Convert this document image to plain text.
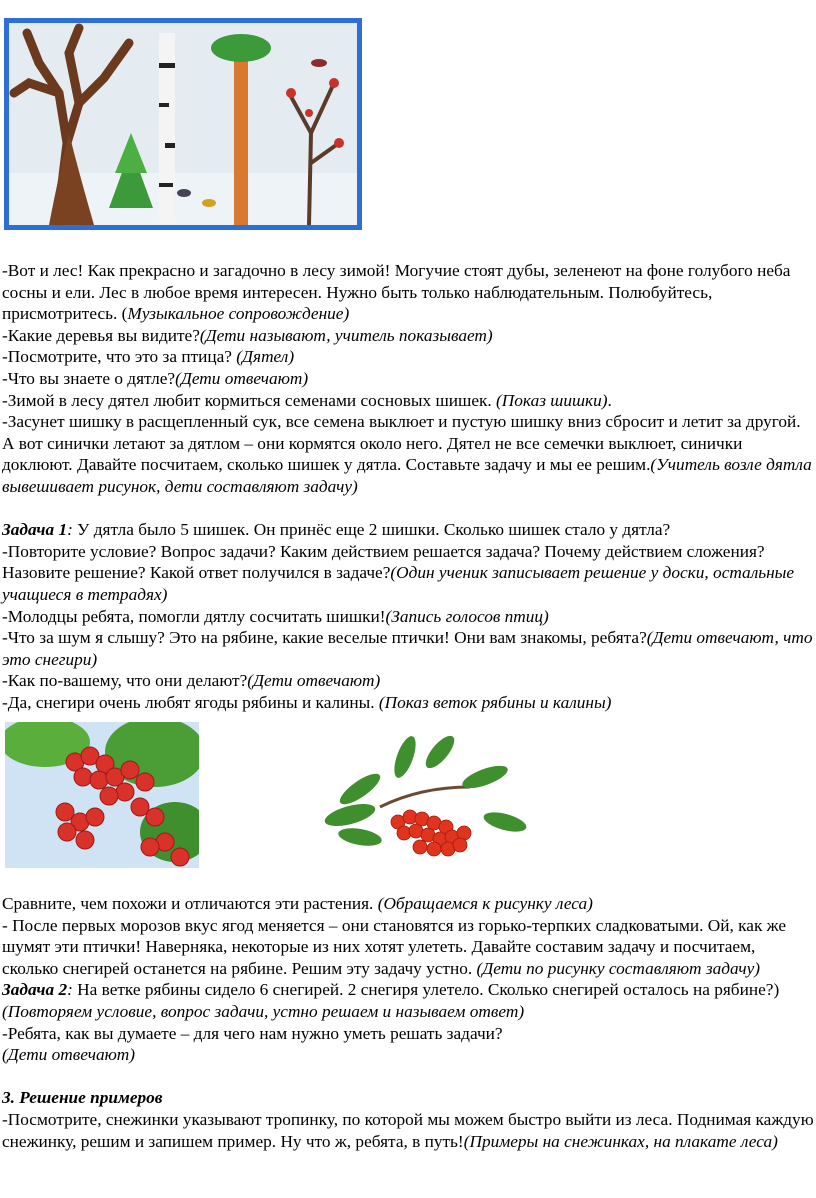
-Вот и лес! Как прекрасно и загадочно в лесу зимой! Могучие стоят дубы, зеленеют на фоне голубого неба сосны и ели. Лес в любое время интересен. Нужно быть только наблюдательным. Полюбуйтесь, присмотритесь. (Музыкальное сопровождение)

-Какие деревья вы видите?(Дети называют, учитель показывает)

-Посмотрите, что это за птица? (Дятел)

-Что вы знаете о дятле?(Дети отвечают)

-Зимой в лесу дятел любит кормиться семенами сосновых шишек. (Показ шишки).

-Засунет шишку в расщепленный сук, все семена выклюет и пустую шишку вниз сбросит и летит за другой. А вот синички летают за дятлом – они кормятся около него. Дятел не все семечки выклюет, синички доклюют. Давайте посчитаем, сколько шишек у дятла. Составьте задачу и мы ее решим.(Учитель возле дятла вывешивает рисунок, дети составляют задачу)

Задача 1: У дятла было 5 шишек. Он принёс еще 2 шишки. Сколько шишек стало у дятла?

-Повторите условие? Вопрос задачи? Каким действием решается задача? Почему действием сложения? Назовите решение? Какой ответ получился в задаче?(Один ученик записывает решение у доски, остальные учащиеся в тетрадях)

-Молодцы ребята, помогли дятлу сосчитать шишки!(Запись голосов птиц)

-Что за шум я слышу? Это на рябине, какие веселые птички! Они вам знакомы, ребята?(Дети отвечают, что это снегири)

-Как по-вашему, что они делают?(Дети отвечают)

-Да, снегири очень любят ягоды рябины и калины. (Показ веток рябины и калины)

Сравните, чем похожи и отличаются эти растения. (Обращаемся к рисунку леса)

- После первых морозов вкус ягод меняется – они становятся из горько-терпких сладковатыми. Ой, как же шумят эти птички! Наверняка, некоторые из них хотят улететь. Давайте составим задачу и посчитаем, сколько снегирей останется на рябине. Решим эту задачу устно. (Дети по рисунку составляют задачу)

Задача 2: На ветке рябины сидело 6 снегирей. 2 снегиря улетело. Сколько снегирей осталось на рябине?)(Повторяем условие, вопрос задачи, устно решаем и называем ответ)

-Ребята, как вы думаете – для чего нам нужно уметь решать задачи?
(Дети отвечают)

3. Решение примеров

-Посмотрите, снежинки указывают тропинку, по которой мы можем быстро выйти из леса. Поднимая каждую снежинку, решим и запишем пример. Ну что ж, ребята, в путь!(Примеры на снежинках, на плакате леса)
